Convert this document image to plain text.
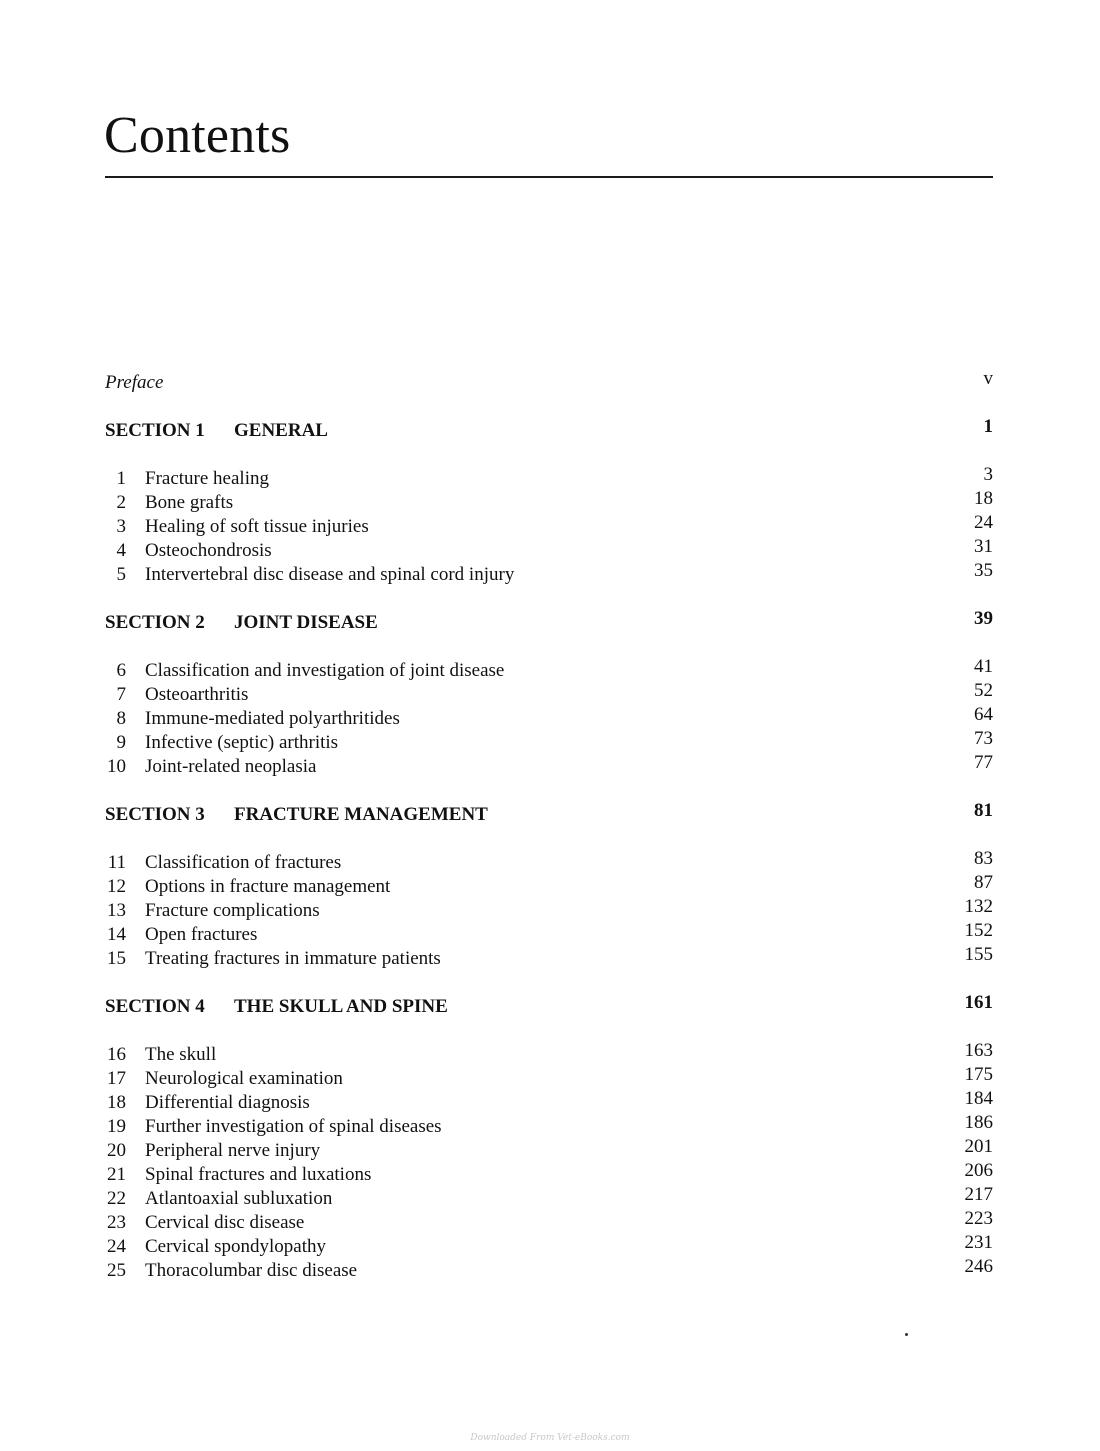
Contents
Preface	v
SECTION 1 GENERAL	1
1 Fracture healing	3
2 Bone grafts	18
3 Healing of soft tissue injuries	24
4 Osteochondrosis	31
5 Intervertebral disc disease and spinal cord injury	35
SECTION 2 JOINT DISEASE	39
6 Classification and investigation of joint disease	41
7 Osteoarthritis	52
8 Immune-mediated polyarthritides	64
9 Infective (septic) arthritis	73
10 Joint-related neoplasia	77
SECTION 3 FRACTURE MANAGEMENT	81
11 Classification of fractures	83
12 Options in fracture management	87
13 Fracture complications	132
14 Open fractures	152
15 Treating fractures in immature patients	155
SECTION 4 THE SKULL AND SPINE	161
16 The skull	163
17 Neurological examination	175
18 Differential diagnosis	184
19 Further investigation of spinal diseases	186
20 Peripheral nerve injury	201
21 Spinal fractures and luxations	206
22 Atlantoaxial subluxation	217
23 Cervical disc disease	223
24 Cervical spondylopathy	231
25 Thoracolumbar disc disease	246
Downloaded From Vet-eBooks.com
